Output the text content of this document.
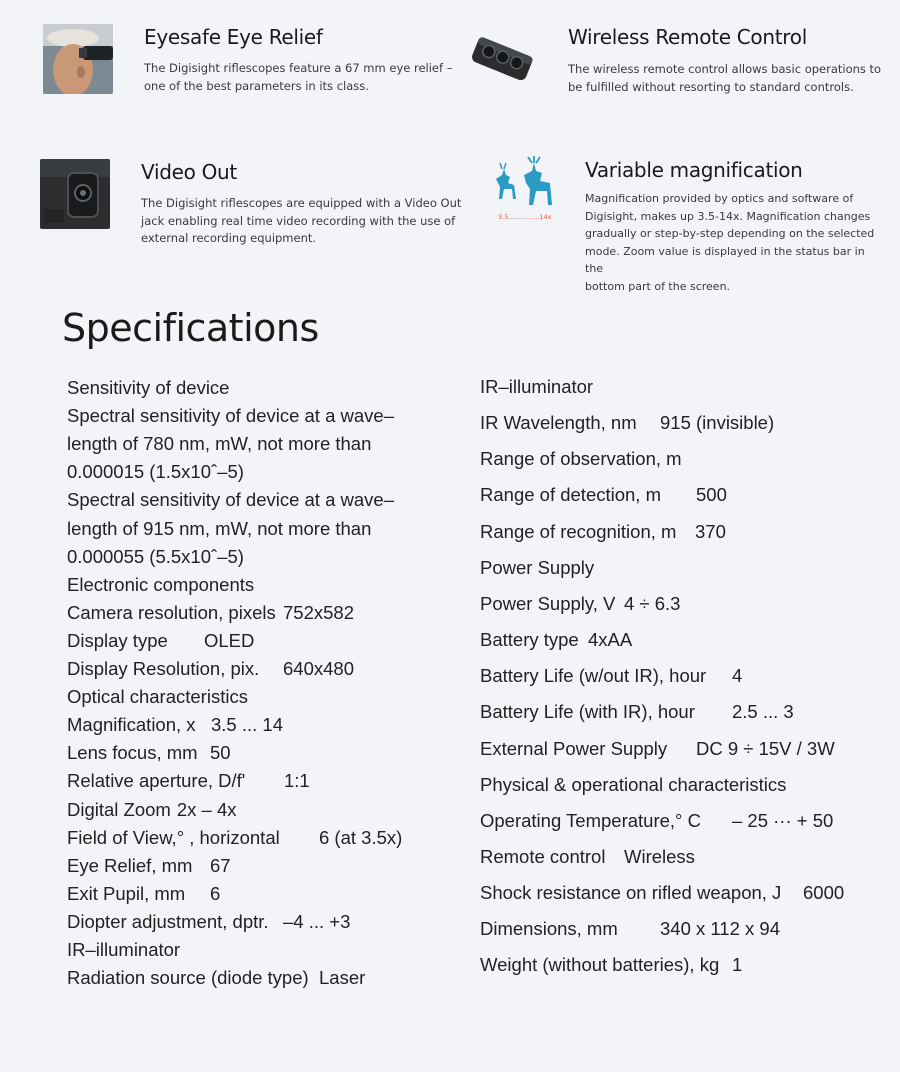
Eyesafe Eye Relief

The Digisight riflescopes feature a 67 mm eye relief –
one of the best parameters in its class.

Wireless Remote Control

The wireless remote control allows basic operations to
be fulfilled without resorting to standard controls.

Video Out

The Digisight riflescopes are equipped with a Video Out
jack enabling real time video recording with the use of
external recording equipment.

3.5...............14x
Variable magnification

Magnification provided by optics and software of
Digisight, makes up 3.5-14x. Magnification changes
gradually or step-by-step depending on the selected
mode. Zoom value is displayed in the status bar in the
bottom part of the screen.

Specifications
Sensitivity of device
Spectral sensitivity of device at a wave–
length of 780 nm, mW, not more than
0.000015 (1.5x10ˆ–5)
Spectral sensitivity of device at a wave–
length of 915 nm, mW, not more than
0.000055 (5.5x10ˆ–5)
Electronic components
Camera resolution, pixels 752x582
Display type OLED
Display Resolution, pix. 640x480
Optical characteristics
Magnification, x 3.5 ... 14
Lens focus, mm 50
Relative aperture, D/f' 1:1
Digital Zoom 2x – 4x
Field of View,° , horizontal 6 (at 3.5x)
Eye Relief, mm 67
Exit Pupil, mm 6
Diopter adjustment, dptr. –4 ... +3
IR–illuminator
Radiation source (diode type) Laser
IR–illuminator
IR Wavelength, nm 915 (invisible)
Range of observation, m
Range of detection, m 500
Range of recognition, m 370
Power Supply
Power Supply, V 4 ÷ 6.3
Battery type 4xAA
Battery Life (w/out IR), hour 4
Battery Life (with IR), hour 2.5 ... 3
External Power Supply DC 9 ÷ 15V / 3W
Physical & operational characteristics
Operating Temperature,° C – 25 ··· + 50
Remote control Wireless
Shock resistance on rifled weapon, J 6000
Dimensions, mm 340 x 112 x 94
Weight (without batteries), kg 1
